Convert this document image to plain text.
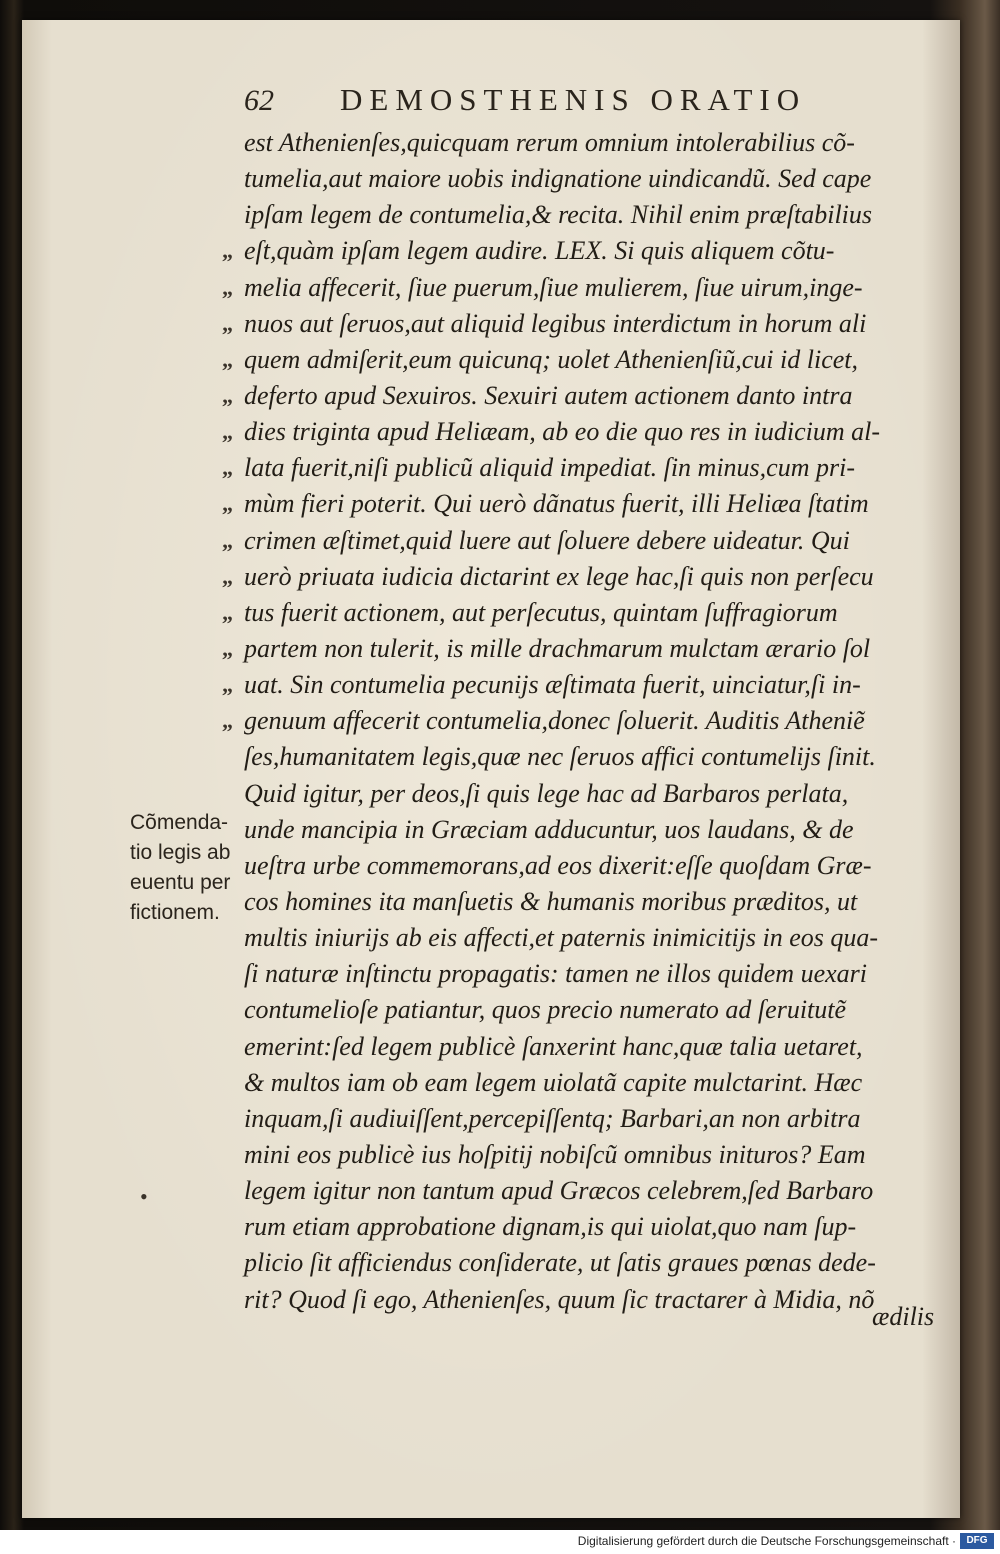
62 DEMOSTHENIS ORATIO
est Athenienſes,quicquam rerum omnium intolerabilius cõ-
tumelia,aut maiore uobis indignatione uindicandũ. Sed cape
ipſam legem de contumelia,& recita. Nihil enim præſtabilius
„ eſt,quàm ipſam legem audire. LEX. Si quis aliquem cõtu-
„ melia affecerit, ſiue puerum,ſiue mulierem, ſiue uirum,inge-
„ nuos aut ſeruos,aut aliquid legibus interdictum in horum ali
„ quem admiſerit,eum quicunq; uolet Athenienſiũ,cui id licet,
„ deferto apud Sexuiros. Sexuiri autem actionem danto intra
„ dies triginta apud Heliæam, ab eo die quo res in iudicium al-
„ lata fuerit,niſi publicũ aliquid impediat. ſin minus,cum pri-
„ mùm fieri poterit. Qui uerò dãnatus fuerit, illi Heliæa ſtatim
„ crimen æſtimet,quid luere aut ſoluere debere uideatur. Qui
„ uerò priuata iudicia dictarint ex lege hac,ſi quis non perſecu
„ tus fuerit actionem, aut perſecutus, quintam ſuffragiorum
„ partem non tulerit, is mille drachmarum mulctam ærario ſol
„ uat. Sin contumelia pecunijs æſtimata fuerit, uinciatur,ſi in-
„ genuum affecerit contumelia,donec ſoluerit. Auditis Atheniẽ
ſes,humanitatem legis,quæ nec ſeruos affici contumelijs ſinit.
Quid igitur, per deos,ſi quis lege hac ad Barbaros perlata,
unde mancipia in Græciam adducuntur, uos laudans, & de
ueſtra urbe commemorans,ad eos dixerit:eſſe quoſdam Græ-
cos homines ita manſuetis & humanis moribus præditos, ut
multis iniurijs ab eis affecti,et paternis inimicitijs in eos qua-
ſi naturæ inſtinctu propagatis: tamen ne illos quidem uexari
contumelioſe patiantur, quos precio numerato ad ſeruitutẽ
emerint:ſed legem publicè ſanxerint hanc,quæ talia uetaret,
& multos iam ob eam legem uiolatã capite mulctarint. Hæc
inquam,ſi audiuiſſent,percepiſſentq; Barbari,an non arbitra
mini eos publicè ius hoſpitij nobiſcũ omnibus inituros? Eam
legem igitur non tantum apud Græcos celebrem,ſed Barbaro
rum etiam approbatione dignam,is qui uiolat,quo nam ſup-
plicio ſit afficiendus conſiderate, ut ſatis graues pœnas dede-
rit? Quod ſi ego, Athenienſes, quum ſic tractarer à Midia, nõ
Cõmenda-
tio legis ab
euentu per
fictionem.
•
ædilis
Digitalisierung gefördert durch die Deutsche Forschungsgemeinschaft ·	DFG
